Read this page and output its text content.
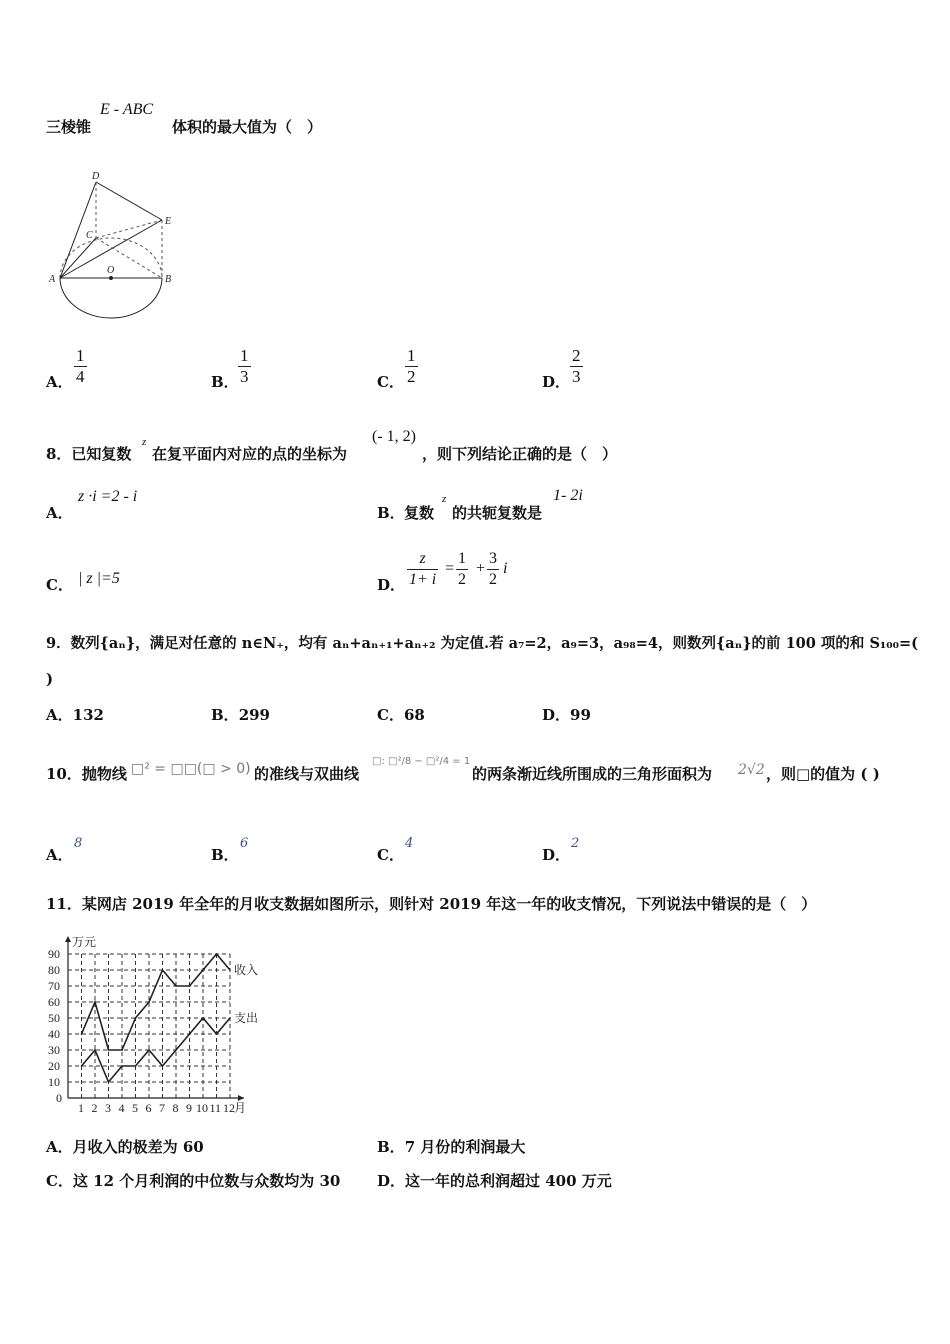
三棱锥
E - ABC
体积的最大值为（　）
D
E
C
A
O
B
A． $\frac{1}{4}$	B． $\frac{1}{3}$	C． $\frac{1}{2}$	D． $\frac{2}{3}$
8．已知复数
z
在复平面内对应的点的坐标为
(- 1, 2)
，则下列结论正确的是（　）
A．
z ·i =2 - i
B． 复数
z
的共轭复数是
1- 2i
C． | z |=5	D． $\frac{z}{1+ i} = \frac{1}{2} + \frac{3}{2}$ i
9．数列{aₙ}，满足对任意的 n∈N₊，均有 aₙ+aₙ₊₁+aₙ₊₂ 为定值.若 a₇=2，a₉=3，a₉₈=4，则数列{aₙ}的前 100 项的和 S₁₀₀=(
)
A．132	B．299	C．68	D．99
10．抛物线 □² = □□(□ > 0) 的准线与双曲线
□: □²/8 − □²/4 = 1
的两条渐近线所围成的三角形面积为 2√2 ，则□的值为 ( )
A．
8
B．
6
C．
4
D．
2
11．某网店 2019 年全年的月收支数据如图所示，则针对 2019 年这一年的收支情况，下列说法中错误的是（　）
0
10
20
30
40
50
60
70
80
90
1 2 3 4 5 6 7 8 9 10 11 12
万元
月
收入
支出
A．月收入的极差为 60	B．7 月份的利润最大
C．这 12 个月利润的中位数与众数均为 30 D．这一年的总利润超过 400 万元
